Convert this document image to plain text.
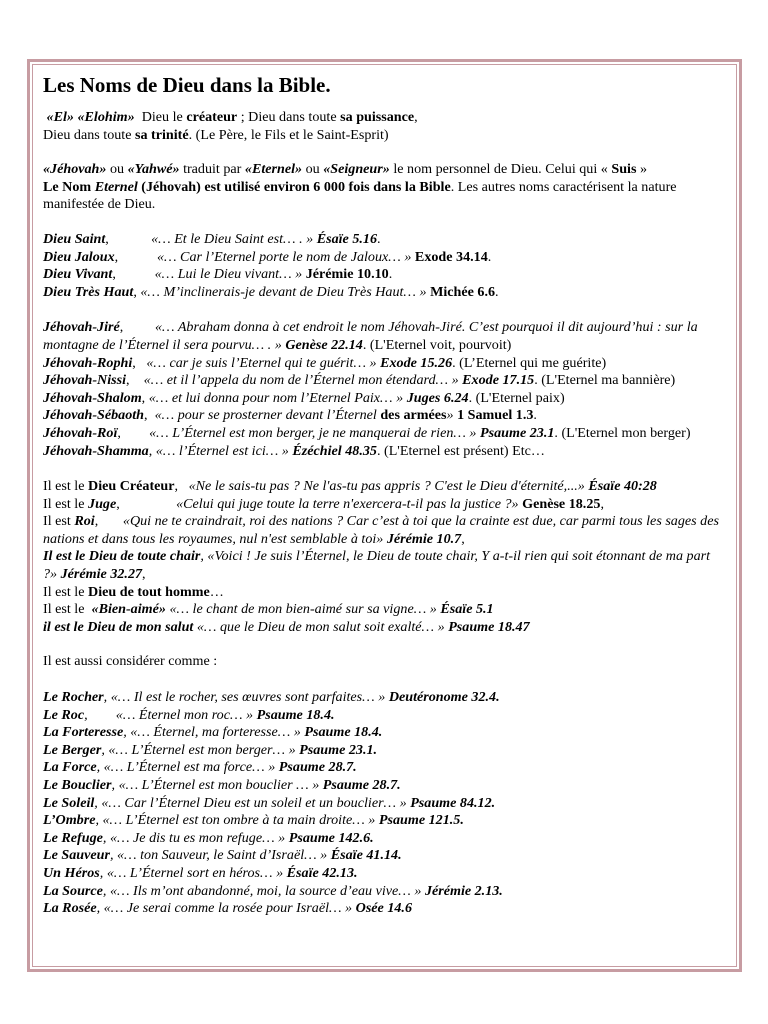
Les Noms de Dieu dans la Bible.

«El» «Elohim» Dieu le créateur ; Dieu dans toute sa puissance,
Dieu dans toute sa trinité. (Le Père, le Fils et le Saint-Esprit)

«Jéhovah» ou «Yahwé» traduit par «Eternel» ou «Seigneur» le nom personnel de Dieu. Celui qui « Suis »
Le Nom Eternel (Jéhovah) est utilisé environ 6 000 fois dans la Bible. Les autres noms caractérisent la nature manifestée de Dieu.

Dieu Saint,	«… Et le Dieu Saint est… . » Ésaïe 5.16.

Dieu Jaloux,	«… Car l’Eternel porte le nom de Jaloux… » Exode 34.14.

Dieu Vivant,	«… Lui le Dieu vivant… » Jérémie 10.10.

Dieu Très Haut, «… M’inclinerais-je devant de Dieu Très Haut… » Michée 6.6.

Jéhovah-Jiré,         «… Abraham donna à cet endroit le nom Jéhovah-Jiré. C’est pourquoi il dit aujourd’hui : sur la montagne de l’Éternel il sera pourvu… . » Genèse 22.14. (L'Eternel voit, pourvoit)

Jéhovah-Rophi,   «… car je suis l’Eternel qui te guérit… » Exode 15.26. (L’Eternel qui me guérite)

Jéhovah-Nissi,    «… et il l’appela du nom de l’Éternel mon étendard… » Exode 17.15. (L'Eternel ma bannière)

Jéhovah-Shalom, «… et lui donna pour nom l’Eternel Paix… » Juges 6.24. (L'Eternel paix)

Jéhovah-Sébaoth,  «… pour se prosterner devant l’Éternel des armées» 1 Samuel 1.3.

Jéhovah-Roï,        «… L’Éternel est mon berger, je ne manquerai de rien… » Psaume 23.1. (L'Eternel mon berger)

Jéhovah-Shamma, «… l’Éternel est ici… » Ézéchiel 48.35. (L'Eternel est présent) Etc…

Il est le Dieu Créateur,   «Ne le sais-tu pas ? Ne l'as-tu pas appris ? C'est le Dieu d'éternité,...» Ésaïe 40:28

Il est le Juge,                «Celui qui juge toute la terre n'exercera-t-il pas la justice ?» Genèse 18.25,

Il est Roi,       «Qui ne te craindrait, roi des nations ? Car c’est à toi que la crainte est due, car parmi tous les sages des nations et dans tous les royaumes, nul n'est semblable à toi» Jérémie 10.7,

Il est le Dieu de toute chair, «Voici ! Je suis l’Éternel, le Dieu de toute chair, Y a-t-il rien qui soit étonnant de ma part ?» Jérémie 32.27,

Il est le Dieu de tout homme…

Il est le «Bien-aimé» «… le chant de mon bien-aimé sur sa vigne… » Ésaïe 5.1

il est le Dieu de mon salut «… que le Dieu de mon salut soit exalté… » Psaume 18.47

Il est aussi considérer comme :

Le Rocher, «… Il est le rocher, ses œuvres sont parfaites… » Deutéronome 32.4.

Le Roc,        «… Éternel mon roc… » Psaume 18.4.

La Forteresse, «… Éternel, ma forteresse… » Psaume 18.4.

Le Berger, «… L’Éternel est mon berger… » Psaume 23.1.

La Force, «… L’Éternel est ma force… » Psaume 28.7.

Le Bouclier, «… L’Éternel est mon bouclier … » Psaume 28.7.

Le Soleil, «… Car l’Éternel Dieu est un soleil et un bouclier… » Psaume 84.12.

L’Ombre, «… L’Éternel est ton ombre à ta main droite… » Psaume 121.5.

Le Refuge, «… Je dis tu es mon refuge… » Psaume 142.6.

Le Sauveur, «… ton Sauveur, le Saint d’Israël… » Ésaïe 41.14.

Un Héros, «… L’Éternel sort en héros… » Ésaïe 42.13.

La Source, «… Ils m’ont abandonné, moi, la source d’eau vive… » Jérémie 2.13.

La Rosée, «… Je serai comme la rosée pour Israël… » Osée 14.6
